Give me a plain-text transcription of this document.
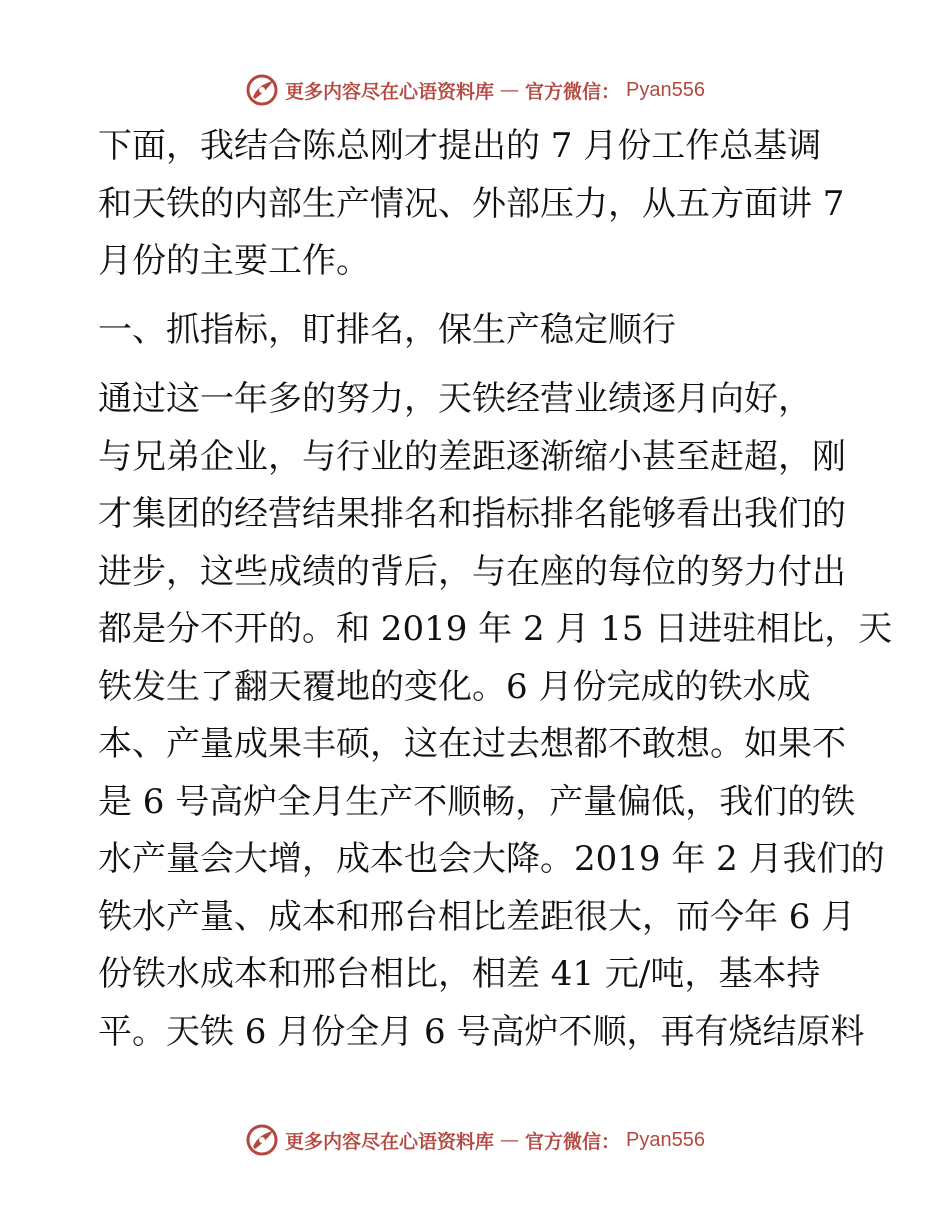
更多内容尽在心语资料库 — 官方微信： Pyan556

下面，我结合陈总刚才提出的 7 月份工作总基调

和天铁的内部生产情况、外部压力，从五方面讲 7

月份的主要工作。

一、抓指标，盯排名，保生产稳定顺行

通过这一年多的努力，天铁经营业绩逐月向好，

与兄弟企业，与行业的差距逐渐缩小甚至赶超，刚

才集团的经营结果排名和指标排名能够看出我们的

进步，这些成绩的背后，与在座的每位的努力付出

都是分不开的。和 2019 年 2 月 15 日进驻相比，天

铁发生了翻天覆地的变化。6 月份完成的铁水成

本、产量成果丰硕，这在过去想都不敢想。如果不

是 6 号高炉全月生产不顺畅，产量偏低，我们的铁

水产量会大增，成本也会大降。2019 年 2 月我们的

铁水产量、成本和邢台相比差距很大，而今年 6 月

份铁水成本和邢台相比，相差 41 元/吨，基本持

平。天铁 6 月份全月 6 号高炉不顺，再有烧结原料

更多内容尽在心语资料库 — 官方微信： Pyan556
